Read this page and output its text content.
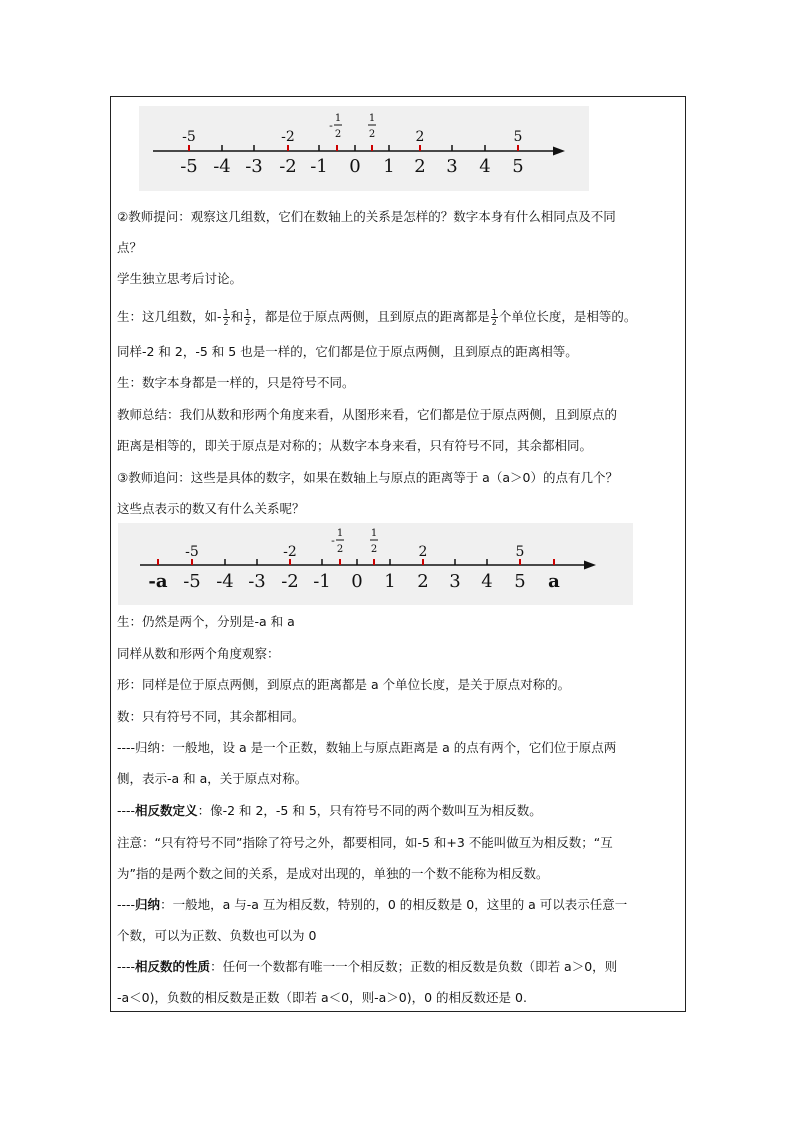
-5	-2	2	5
-
1
2
1
2
-5 -4 -3 -2 -1 0 1 2 3 4 5

②教师提问：观察这几组数，它们在数轴上的关系是怎样的？数字本身有什么相同点及不同
点？

学生独立思考后讨论。

生：这几组数，如- $\frac{1}{2}$ 和 $\frac{1}{2}$ ，都是位于原点两侧，且到原点的距离都是 $\frac{1}{2}$ 个单位长度，是相等的。

同样-2 和 2，-5 和 5 也是一样的，它们都是位于原点两侧，且到原点的距离相等。

生：数字本身都是一样的，只是符号不同。

教师总结：我们从数和形两个角度来看，从图形来看，它们都是位于原点两侧，且到原点的
距离是相等的，即关于原点是对称的；从数字本身来看，只有符号不同，其余都相同。

③教师追问：这些是具体的数字，如果在数轴上与原点的距离等于 a（a＞0）的点有几个？
这些点表示的数又有什么关系呢？

-5	-2	2	5
-
1
2
1
2
-a -5 -4 -3 -2 -1 0 1 2 3 4 5 a

生：仍然是两个，分别是-a 和 a

同样从数和形两个角度观察：

形：同样是位于原点两侧，到原点的距离都是 a 个单位长度，是关于原点对称的。

数：只有符号不同，其余都相同。

----归纳：一般地，设 a 是一个正数，数轴上与原点距离是 a 的点有两个，它们位于原点两
侧，表示-a 和 a，关于原点对称。

----相反数定义：像-2 和 2，-5 和 5，只有符号不同的两个数叫互为相反数。

注意：“只有符号不同”指除了符号之外，都要相同，如-5 和+3 不能叫做互为相反数；“互
为”指的是两个数之间的关系，是成对出现的，单独的一个数不能称为相反数。

----归纳：一般地，a 与-a 互为相反数，特别的，0 的相反数是 0，这里的 a 可以表示任意一
个数，可以为正数、负数也可以为 0

----相反数的性质：任何一个数都有唯一一个相反数；正数的相反数是负数（即若 a＞0，则
-a＜0)，负数的相反数是正数（即若 a＜0，则-a＞0)，0 的相反数还是 0.
